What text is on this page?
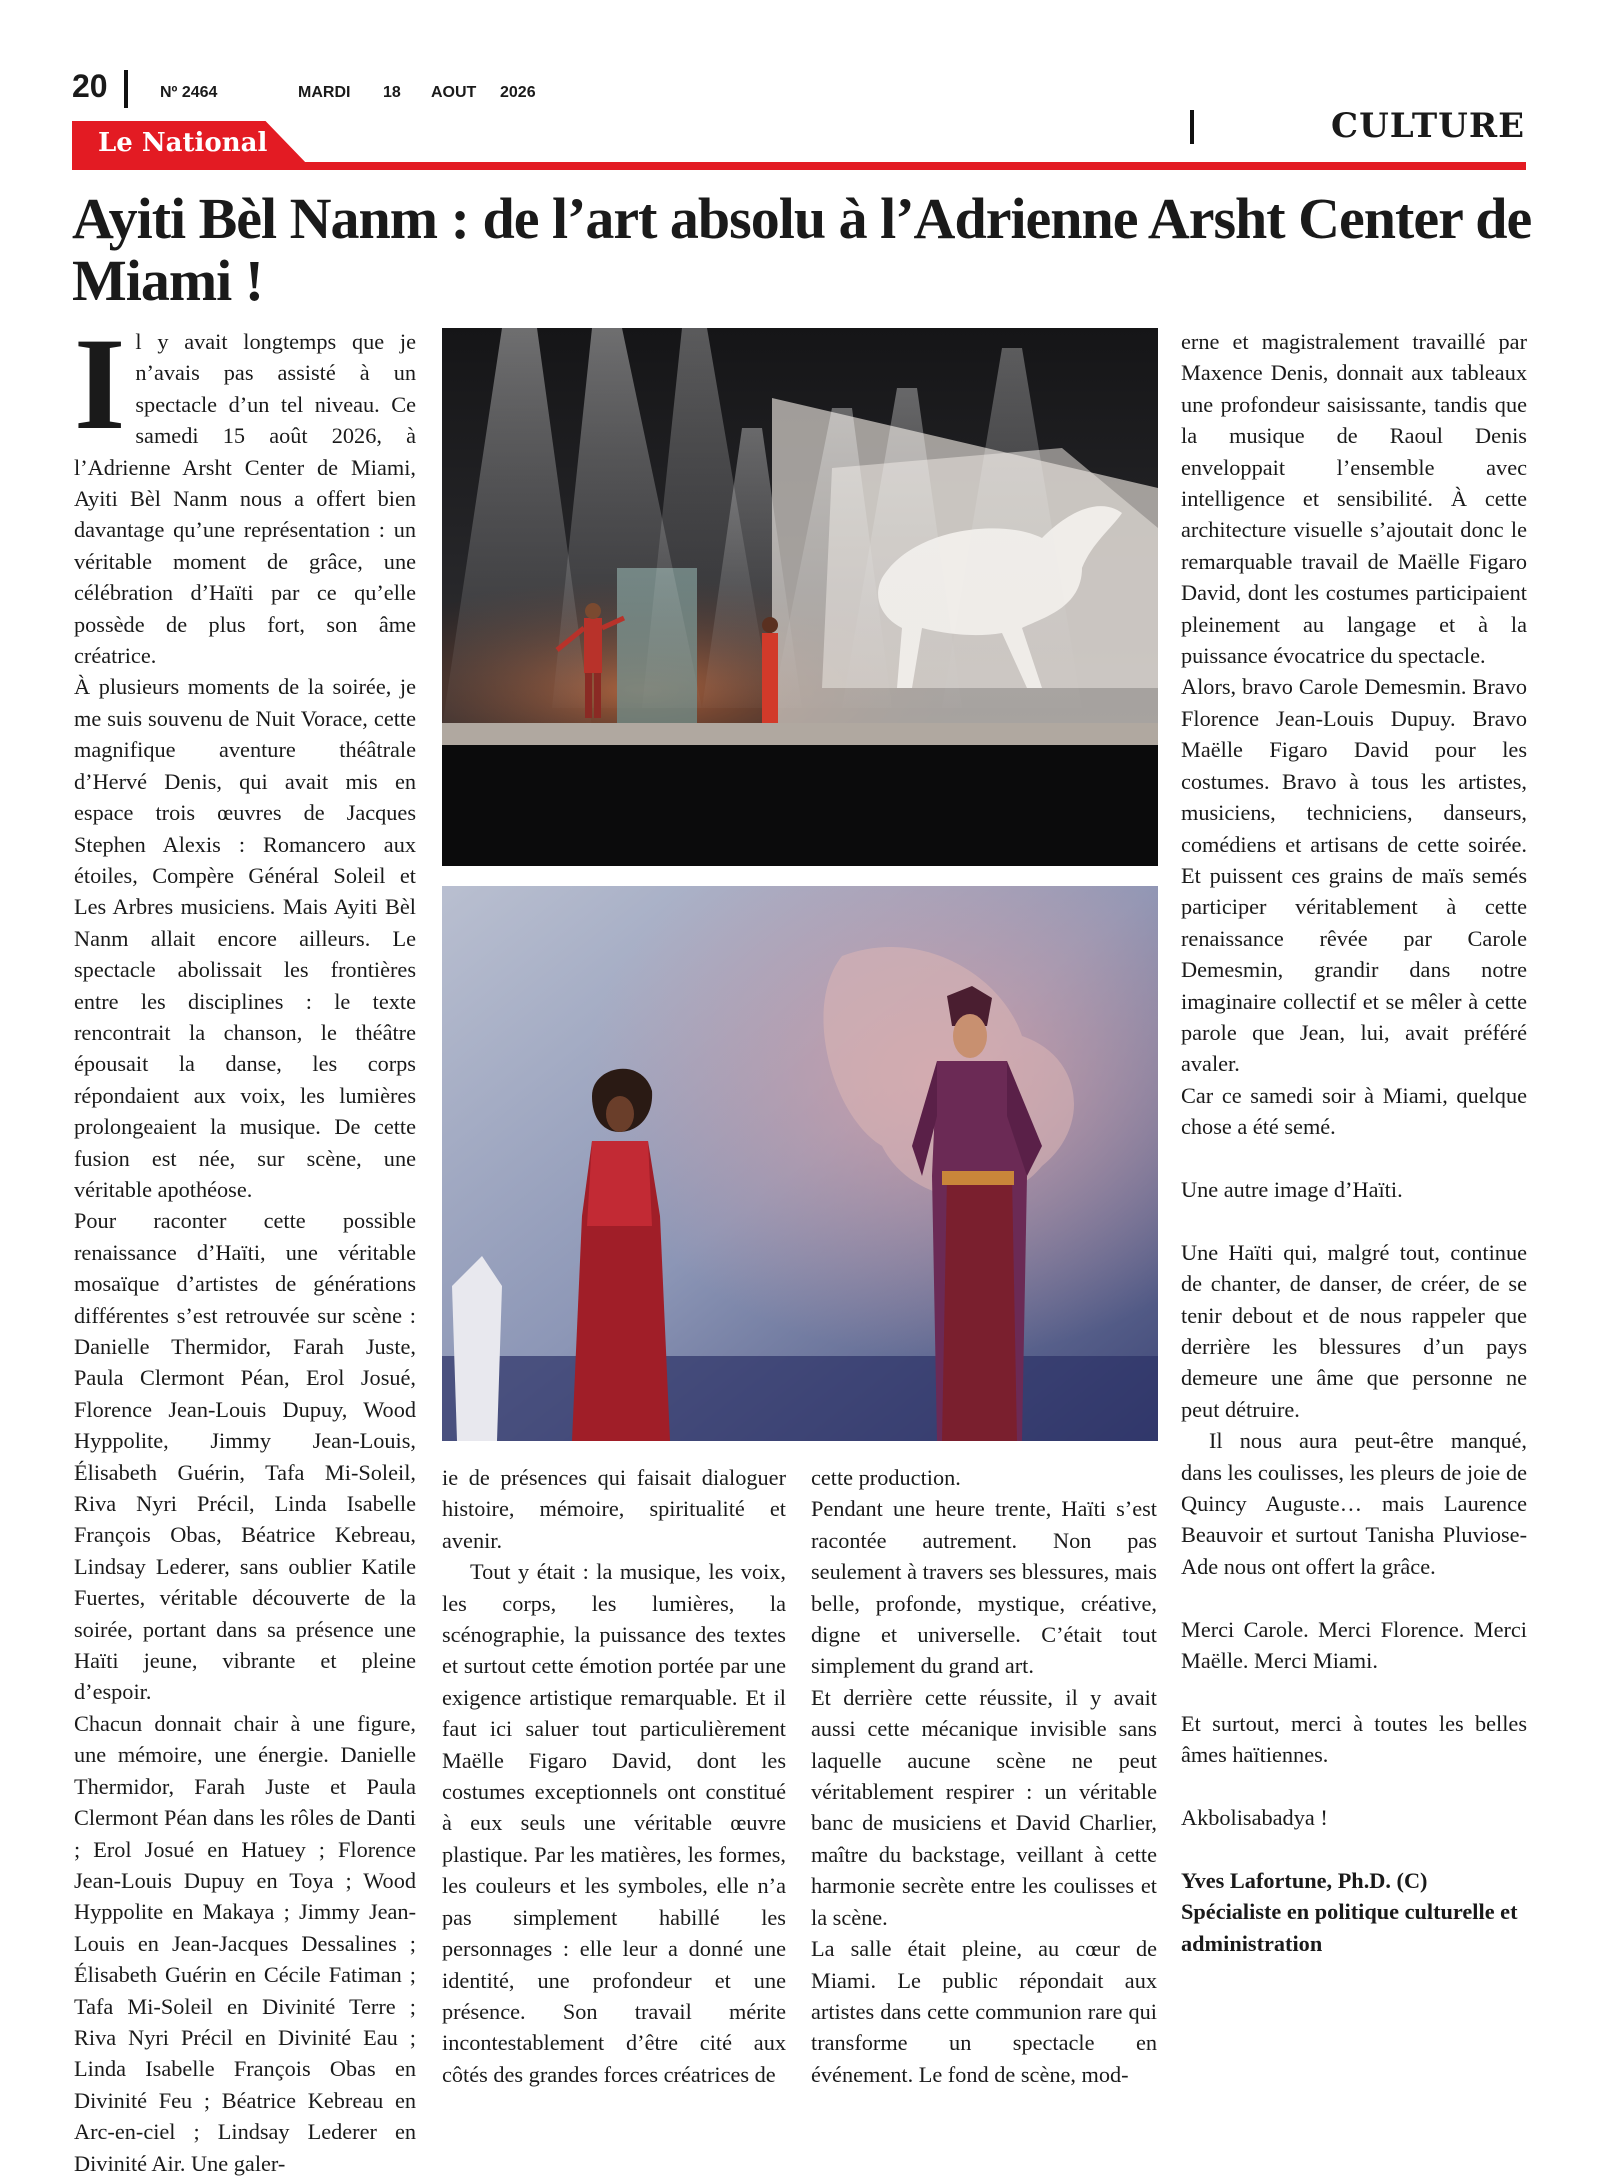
20	Nº 2464	MARDI 18 AOUT 2026
CULTURE
Le National
Ayiti Bèl Nanm : de l’art absolu à l’Adrienne Arsht Center de Miami !

Il y avait longtemps que je n’avais pas assisté à un spectacle d’un tel niveau. Ce samedi 15 août 2026, à l’Adrienne Arsht Center de Miami, Ayiti Bèl Nanm nous a offert bien davantage qu’une représentation : un véritable moment de grâce, une célébration d’Haïti par ce qu’elle possède de plus fort, son âme créatrice.

À plusieurs moments de la soirée, je me suis souvenu de Nuit Vorace, cette magnifique aventure théâtrale d’Hervé Denis, qui avait mis en espace trois œuvres de Jacques Stephen Alexis : Romancero aux étoiles, Compère Général Soleil et Les Arbres musiciens. Mais Ayiti Bèl Nanm allait encore ailleurs. Le spectacle abolissait les frontières entre les disciplines : le texte rencontrait la chanson, le théâtre épousait la danse, les corps répondaient aux voix, les lumières prolongeaient la musique. De cette fusion est née, sur scène, une véritable apothéose.

Pour raconter cette possible renaissance d’Haïti, une véritable mosaïque d’artistes de générations différentes s’est retrouvée sur scène : Danielle Thermidor, Farah Juste, Paula Clermont Péan, Erol Josué, Florence Jean-Louis Dupuy, Wood Hyppolite, Jimmy Jean-Louis, Élisabeth Guérin, Tafa Mi-Soleil, Riva Nyri Précil, Linda Isabelle François Obas, Béatrice Kebreau, Lindsay Lederer, sans oublier Katile Fuertes, véritable découverte de la soirée, portant dans sa présence une Haïti jeune, vibrante et pleine d’espoir.

Chacun donnait chair à une figure, une mémoire, une énergie. Danielle Thermidor, Farah Juste et Paula Clermont Péan dans les rôles de Danti ; Erol Josué en Hatuey ; Florence Jean-Louis Dupuy en Toya ; Wood Hyppolite en Makaya ; Jimmy Jean-Louis en Jean-Jacques Dessalines ; Élisabeth Guérin en Cécile Fatiman ; Tafa Mi-Soleil en Divinité Terre ; Riva Nyri Précil en Divinité Eau ; Linda Isabelle François Obas en Divinité Feu ; Béatrice Kebreau en Arc-en-ciel ; Lindsay Lederer en Divinité Air. Une galer-

ie de présences qui faisait dialoguer histoire, mémoire, spiritualité et avenir.

Tout y était : la musique, les voix, les corps, les lumières, la scénographie, la puissance des textes et surtout cette émotion portée par une exigence artistique remarquable. Et il faut ici saluer tout particulièrement Maëlle Figaro David, dont les costumes exceptionnels ont constitué à eux seuls une véritable œuvre plastique. Par les matières, les formes, les couleurs et les symboles, elle n’a pas simplement habillé les personnages : elle leur a donné une identité, une profondeur et une présence. Son travail mérite incontestablement d’être cité aux côtés des grandes forces créatrices de

cette production.

Pendant une heure trente, Haïti s’est racontée autrement. Non pas seulement à travers ses blessures, mais belle, profonde, mystique, créative, digne et universelle. C’était tout simplement du grand art.

Et derrière cette réussite, il y avait aussi cette mécanique invisible sans laquelle aucune scène ne peut véritablement respirer : un véritable banc de musiciens et David Charlier, maître du backstage, veillant à cette harmonie secrète entre les coulisses et la scène.

La salle était pleine, au cœur de Miami. Le public répondait aux artistes dans cette communion rare qui transforme un spectacle en événement. Le fond de scène, mod-

erne et magistralement travaillé par Maxence Denis, donnait aux tableaux une profondeur saisissante, tandis que la musique de Raoul Denis enveloppait l’ensemble avec intelligence et sensibilité. À cette architecture visuelle s’ajoutait donc le remarquable travail de Maëlle Figaro David, dont les costumes participaient pleinement au langage et à la puissance évocatrice du spectacle.

Alors, bravo Carole Demesmin. Bravo Florence Jean-Louis Dupuy. Bravo Maëlle Figaro David pour les costumes. Bravo à tous les artistes, musiciens, techniciens, danseurs, comédiens et artisans de cette soirée. Et puissent ces grains de maïs semés participer véritablement à cette renaissance rêvée par Carole Demesmin, grandir dans notre imaginaire collectif et se mêler à cette parole que Jean, lui, avait préféré avaler.

Car ce samedi soir à Miami, quelque chose a été semé.

Une autre image d’Haïti.

Une Haïti qui, malgré tout, continue de chanter, de danser, de créer, de se tenir debout et de nous rappeler que derrière les blessures d’un pays demeure une âme que personne ne peut détruire.

Il nous aura peut-être manqué, dans les coulisses, les pleurs de joie de Quincy Auguste… mais Laurence Beauvoir et surtout Tanisha Pluviose-Ade nous ont offert la grâce.

Merci Carole. Merci Florence. Merci Maëlle. Merci Miami.

Et surtout, merci à toutes les belles âmes haïtiennes.

Akbolisabadya !

Yves Lafortune, Ph.D. (C)

Spécialiste en politique culturelle et administration
